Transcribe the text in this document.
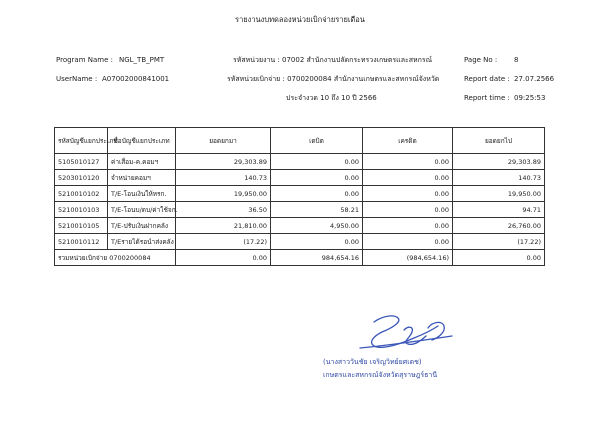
รายงานงบทดลองหน่วยเบิกจ่ายรายเดือน
Program Name : NGL_TB_PMT
UserName : A07002000841001
รหัสหน่วยงาน : 07002 สำนักงานปลัดกระทรวงเกษตรและสหกรณ์
รหัสหน่วยเบิกจ่าย : 0700200084 สำนักงานเกษตรและสหกรณ์จังหวัด
ประจำงวด 10 ถึง 10 ปี 2566
Page No : 8
Report date : 27.07.2566
Report time : 09:25:53
รหัสบัญชีแยกประเภท	ชื่อบัญชีแยกประเภท	ยอดยกมา	เดบิต	เครดิต	ยอดยกไป
5105010127	ค่าเสื่อม-ค.คอมฯ	29,303.89	0.00	0.00	29,303.89
5203010120	จำหน่ายคอมฯ	140.73	0.00	0.00	140.73
5210010102	T/E-โอนเงินให้หรก.	19,950.00	0.00	0.00	19,950.00
5210010103	T/E-โอนบ/ดบ/ค่าใช้จก.	36.50	58.21	0.00	94.71
5210010105	T/E-ปรับเงินฝากคลัง	21,810.00	4,950.00	0.00	26,760.00
5210010112	T/Eรายได้รอนำส่งคลัง	(17.22)	0.00	0.00	(17.22)
รวมหน่วยเบิกจ่าย 0700200084		0.00	984,654.16	(984,654.16)	0.00
(นางสาววันชัย เจริญวิทย์ยศเดช)
เกษตรและสหกรณ์จังหวัดสุราษฎร์ธานี
